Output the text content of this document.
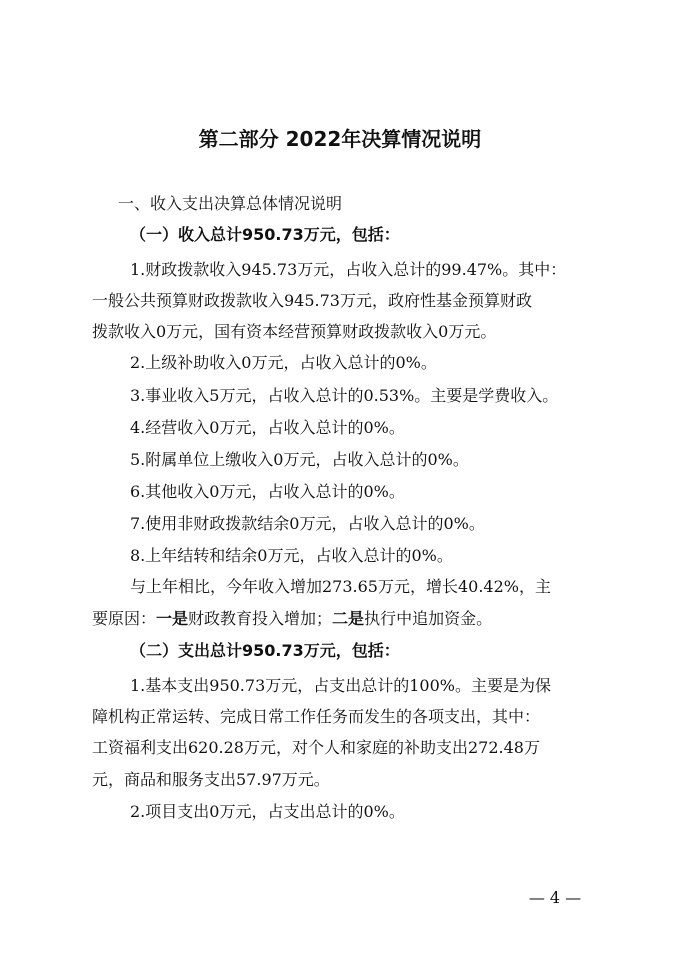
第二部分 2022年决算情况说明
一、收入支出决算总体情况说明
（一）收入总计950.73万元，包括：
1.财政拨款收入945.73万元，占收入总计的99.47%。其中：
一般公共预算财政拨款收入945.73万元，政府性基金预算财政
拨款收入0万元，国有资本经营预算财政拨款收入0万元。
2.上级补助收入0万元，占收入总计的0%。
3.事业收入5万元，占收入总计的0.53%。主要是学费收入。
4.经营收入0万元，占收入总计的0%。
5.附属单位上缴收入0万元，占收入总计的0%。
6.其他收入0万元，占收入总计的0%。
7.使用非财政拨款结余0万元，占收入总计的0%。
8.上年结转和结余0万元，占收入总计的0%。
与上年相比，今年收入增加273.65万元，增长40.42%，主
要原因：一是财政教育投入增加；二是执行中追加资金。
（二）支出总计950.73万元，包括：
1.基本支出950.73万元，占支出总计的100%。主要是为保
障机构正常运转、完成日常工作任务而发生的各项支出，其中：
工资福利支出620.28万元，对个人和家庭的补助支出272.48万
元，商品和服务支出57.97万元。
2.项目支出0万元，占支出总计的0%。
— 4 —
